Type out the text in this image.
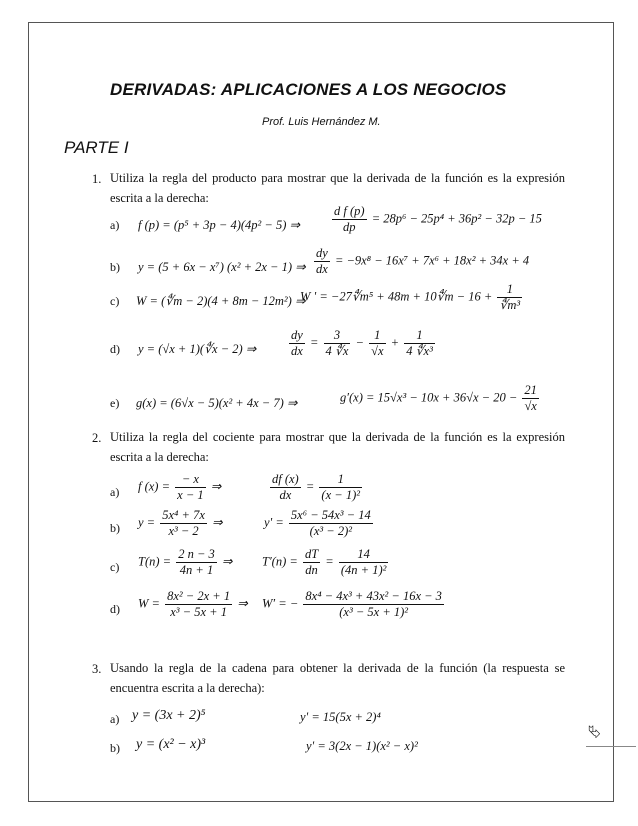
⮱
DERIVADAS: APLICACIONES A LOS NEGOCIOS
Prof. Luis Hernández M.
PARTE I
1. Utiliza la regla del producto para mostrar que la derivada de la función es la expresión escrita a la derecha:
a) f (p) = (p⁵ + 3p − 4)(4p² − 5) ⇒	$\frac{\text{d f (p)}}{dp} = 28p^6 - 25p^4 + 36p^2 - 32p - 15$
b) y = (5 + 6x − x⁷) (x² + 2x − 1) ⇒ $\frac{dy}{dx} = -9x^8 - 16x^7 + 7x^6 + 18x^2 + 34x + 4$
c) W = (∜m − 2)(4 + 8m − 12m²) ⇒
W ' = −27∜m⁵ + 48m + 10∜m − $16 + \frac{1}{\text{∜m³}}$
d) y = (√x + 1)(∜x − 2) ⇒	$\frac{dy}{dx} = \frac{3}{4 ∜x} - \frac{1}{√x} + \frac{1}{\text{4 ∜x³}}$
e) g(x) = (6√x − 5)(x² + 4x − 7) ⇒	$g'(x) = 15√x^3 - 10x + 36√x - 20 - \frac{21}{√x}$
2. Utiliza la regla del cociente para mostrar que la derivada de la función es la expresión escrita a la derecha:
a) f $(x) = \frac{- x}{x - 1}$ ⇒	$\frac{df (x)}{dx} = \frac{1}{\text{(x − 1)²}}$
b) $y = \frac{\text{5x⁴ + 7x}}{\text{x³ − 2}}$ ⇒	$y' = \frac{\text{5x⁶ − 54x³ − 14}}{\text{(x³ − 2)²}}$
c) $T(n) = \frac{2 n - 3}{4n + 1}$ ⇒ $T'(n) = \frac{dT}{dn} = \frac{14}{\text{(4n + 1)²}}$
d) $W = \frac{\text{8x² − 2x + 1}}{\text{x³ − 5x + 1}}$ ⇒ W′ = − $\frac{\text{8x⁴ − 4x³ + 43x² − 16x − 3}}{\text{(x³ − 5x + 1)²}}$
3. Usando la regla de la cadena para obtener la derivada de la función (la respuesta se encuentra escrita a la derecha):
a) y = (3x + 2)⁵	y' = 15(5x + 2)⁴
b) y = (x² − x)³	y' = 3(2x − 1)(x² − x)²
